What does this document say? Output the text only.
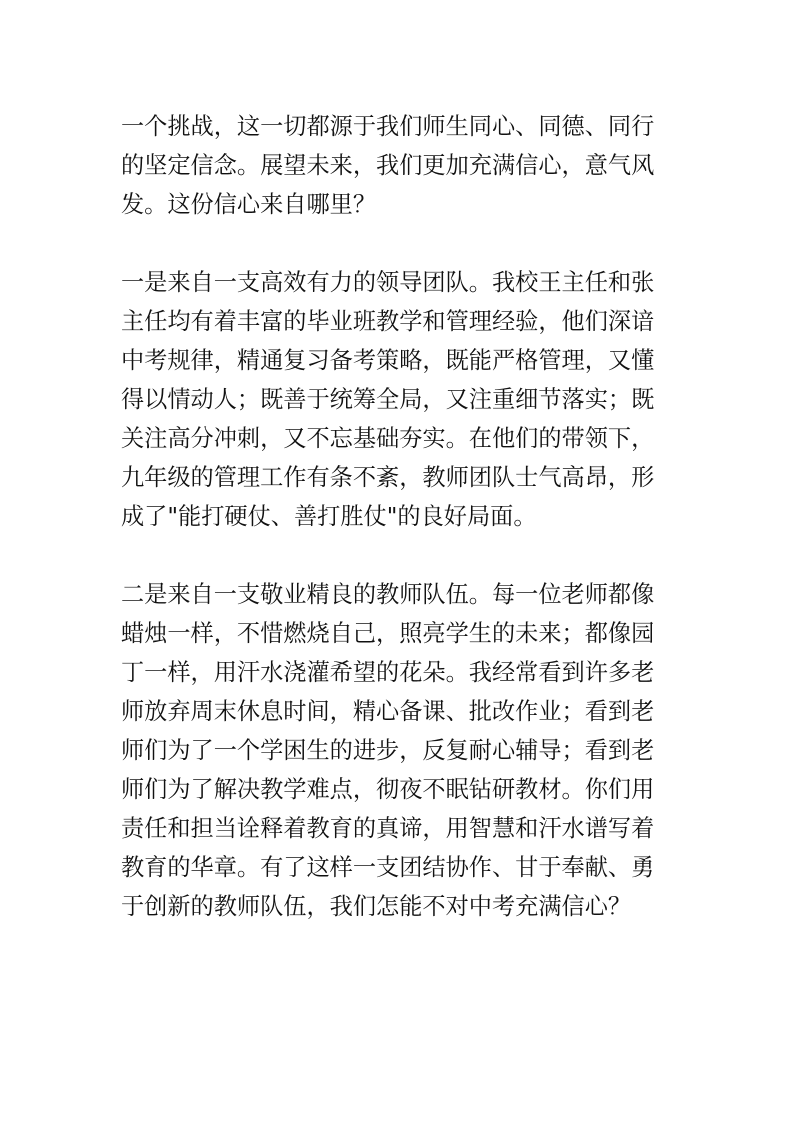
一个挑战，这一切都源于我们师生同心、同德、同行
的坚定信念。展望未来，我们更加充满信心，意气风
发。这份信心来自哪里？

一是来自一支高效有力的领导团队。我校王主任和张
主任均有着丰富的毕业班教学和管理经验，他们深谙
中考规律，精通复习备考策略，既能严格管理，又懂
得以情动人；既善于统筹全局，又注重细节落实；既
关注高分冲刺，又不忘基础夯实。在他们的带领下，
九年级的管理工作有条不紊，教师团队士气高昂，形
成了"能打硬仗、善打胜仗"的良好局面。

二是来自一支敬业精良的教师队伍。每一位老师都像
蜡烛一样，不惜燃烧自己，照亮学生的未来；都像园
丁一样，用汗水浇灌希望的花朵。我经常看到许多老
师放弃周末休息时间，精心备课、批改作业；看到老
师们为了一个学困生的进步，反复耐心辅导；看到老
师们为了解决教学难点，彻夜不眠钻研教材。你们用
责任和担当诠释着教育的真谛，用智慧和汗水谱写着
教育的华章。有了这样一支团结协作、甘于奉献、勇
于创新的教师队伍，我们怎能不对中考充满信心？
